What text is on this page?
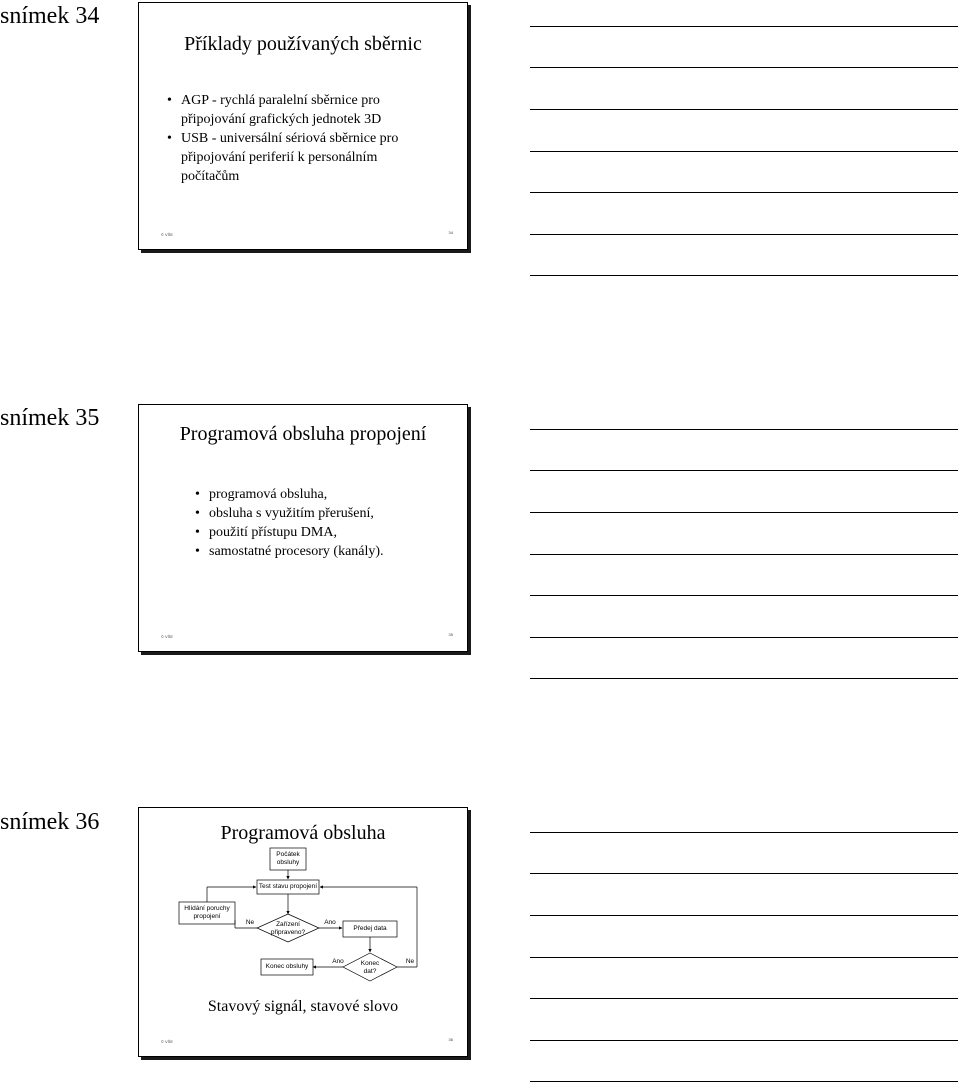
snímek 34
Příklady používaných sběrnic
• AGP - rychlá paralelní sběrnice pro připojování grafických jednotek 3D
• USB - universální sériová sběrnice pro připojování periferií k personálním počítačům
© VŠE	34
snímek 35
Programová obsluha propojení
• programová obsluha,
• obsluha s využitím přerušení,
• použití přístupu DMA,
• samostatné procesory (kanály).
© VŠE	35
snímek 36	Programová obsluha
Počátek
obsluhy
Test stavu propojení
Hlídání poruchy
propojení
Zařízení
připraveno?	Předej data
Konec obsluhy	Konec
dat?
Ne	Ano
Ano	Ne
Stavový signál, stavové slovo
© VŠE	36
